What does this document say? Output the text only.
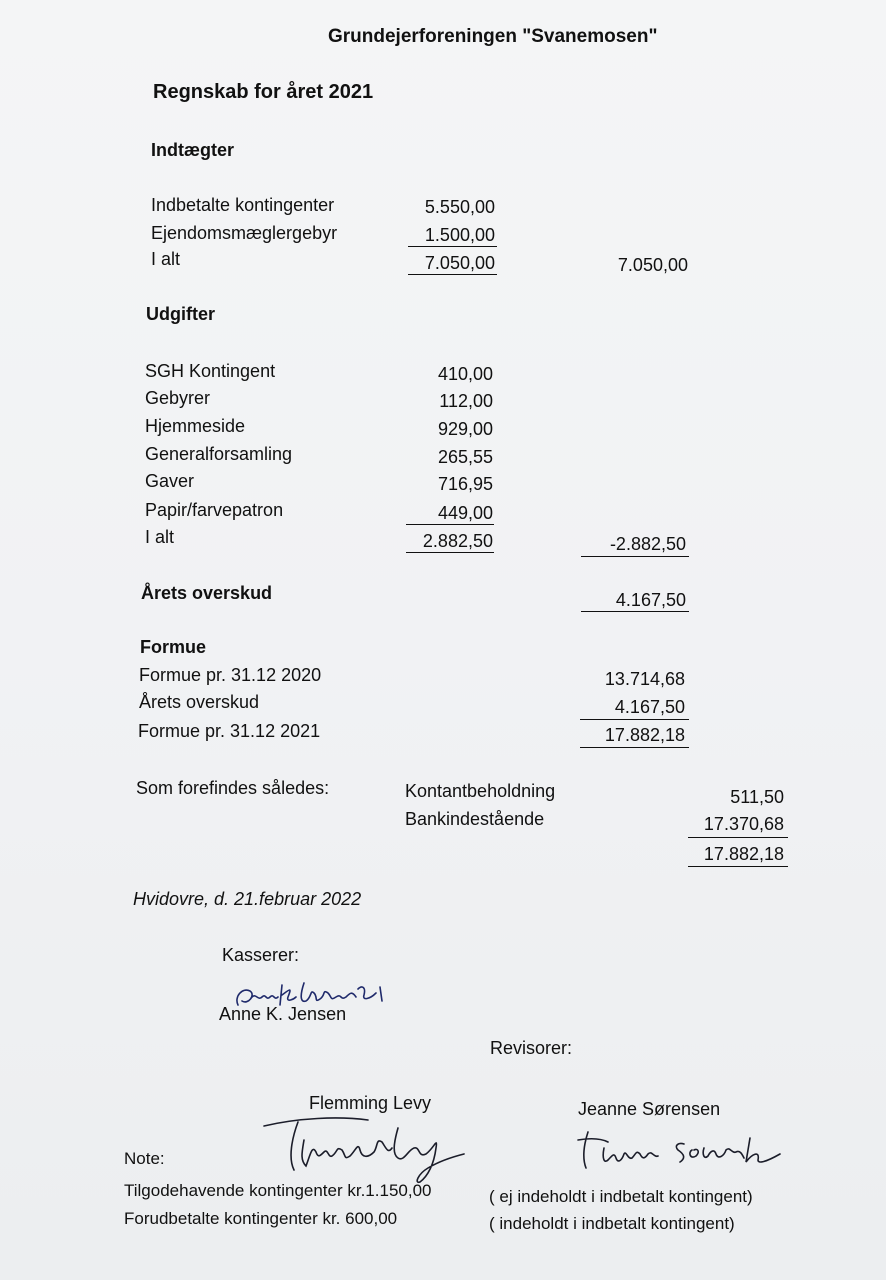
Grundejerforeningen "Svanemosen"
Regnskab for året 2021
Indtægter
Indbetalte kontingenter	5.550,00
Ejendomsmæglergebyr	1.500,00
I alt	7.050,00	7.050,00
Udgifter
SGH Kontingent	410,00
Gebyrer	112,00
Hjemmeside	929,00
Generalforsamling	265,55
Gaver	716,95
Papir/farvepatron	449,00
I alt	2.882,50	-2.882,50
Årets overskud	4.167,50
Formue
Formue pr. 31.12 2020	13.714,68
Årets overskud	4.167,50
Formue pr. 31.12 2021	17.882,18
Som forefindes således:	Kontantbeholdning	511,50
Bankindestående	17.370,68
17.882,18
Hvidovre, d. 21.februar 2022
Kasserer:
Anne K. Jensen
Revisorer:
Flemming Levy	Jeanne Sørensen
Note:
Tilgodehavende kontingenter kr.1.150,00	( ej indeholdt i indbetalt kontingent)
Forudbetalte kontingenter kr. 600,00	( indeholdt i indbetalt kontingent)
